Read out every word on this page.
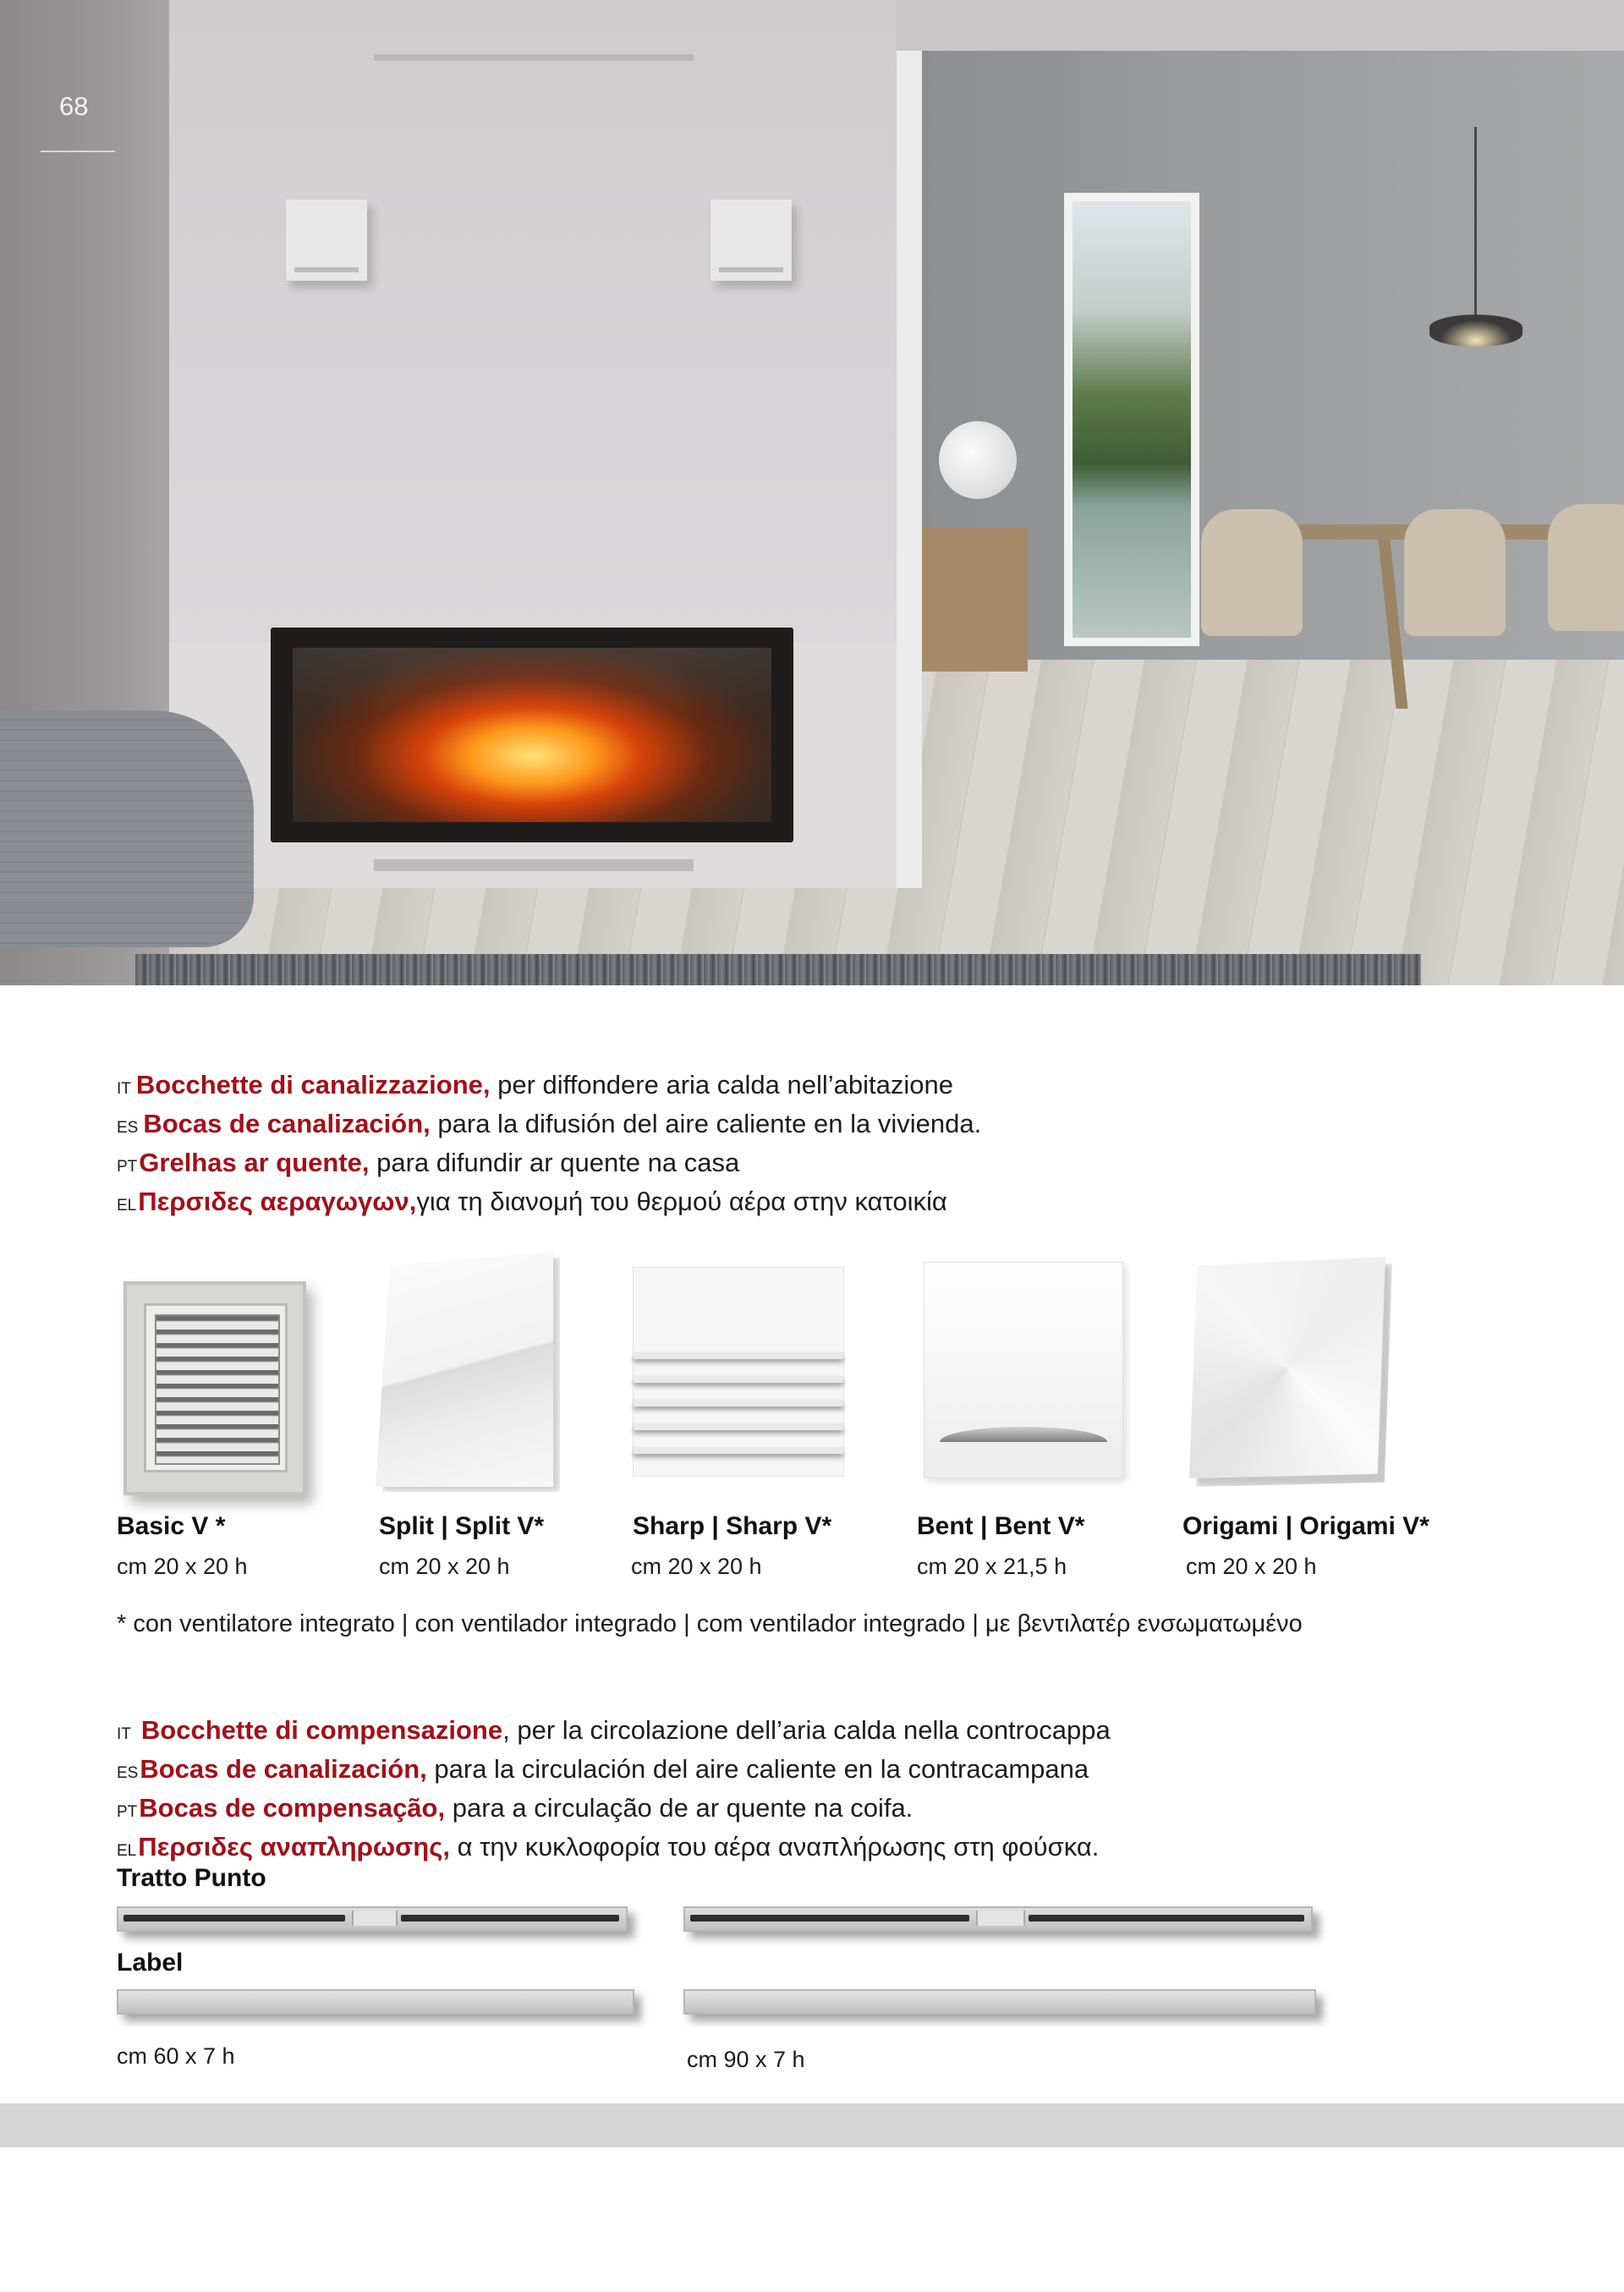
68
IT Bocchette di canalizzazione, per diffondere aria calda nell’abitazione
ES Bocas de canalización, para la difusión del aire caliente en la vivienda.
PTGrelhas ar quente, para difundir ar quente na casa
ELΠερσιδες αεραγωγων,για τη διανομή του θερμού αέρα στην κατοικία
Basic V *
cm 20 x 20 h
Split | Split V*
cm 20 x 20 h
Sharp | Sharp V*
cm 20 x 20 h
Bent | Bent V*
cm 20 x 21,5 h
Origami | Origami V*
cm 20 x 20 h
* con ventilatore integrato | con ventilador integrado | com ventilador integrado | με βεντιλατέρ ενσωματωμένο
IT Bocchette di compensazione, per la circolazione dell’aria calda nella controcappa
ESBocas de canalización, para la circulación del aire caliente en la contracampana
PTBocas de compensação, para a circulação de ar quente na coifa.
ELΠερσιδες αναπληρωσης, α την κυκλοφορία του αέρα αναπλήρωσης στη φούσκα.
Tratto Punto
Label
cm 60 x 7 h	cm 90 x 7 h
